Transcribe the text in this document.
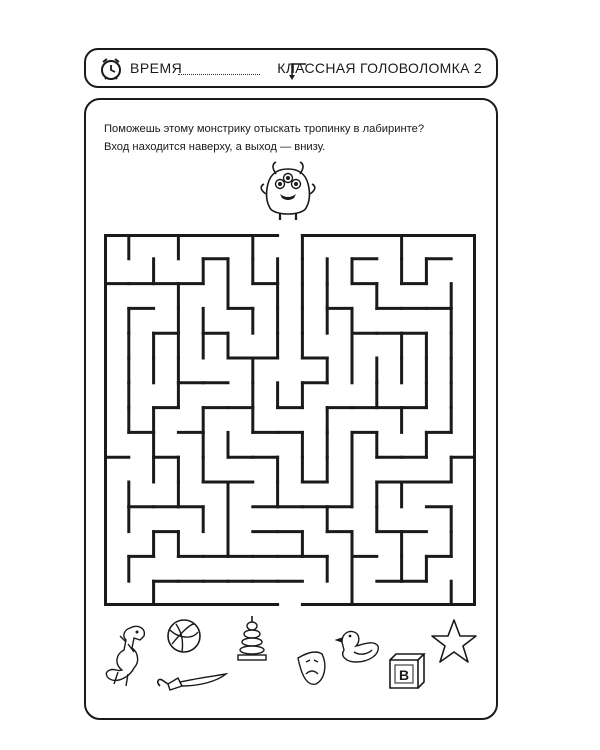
ВРЕМЯ	КЛАССНАЯ ГОЛОВОЛОМКА 2
Поможешь этому монстрику отыскать тропинку в лабиринте?
Вход находится наверху, а выход — внизу.
B
